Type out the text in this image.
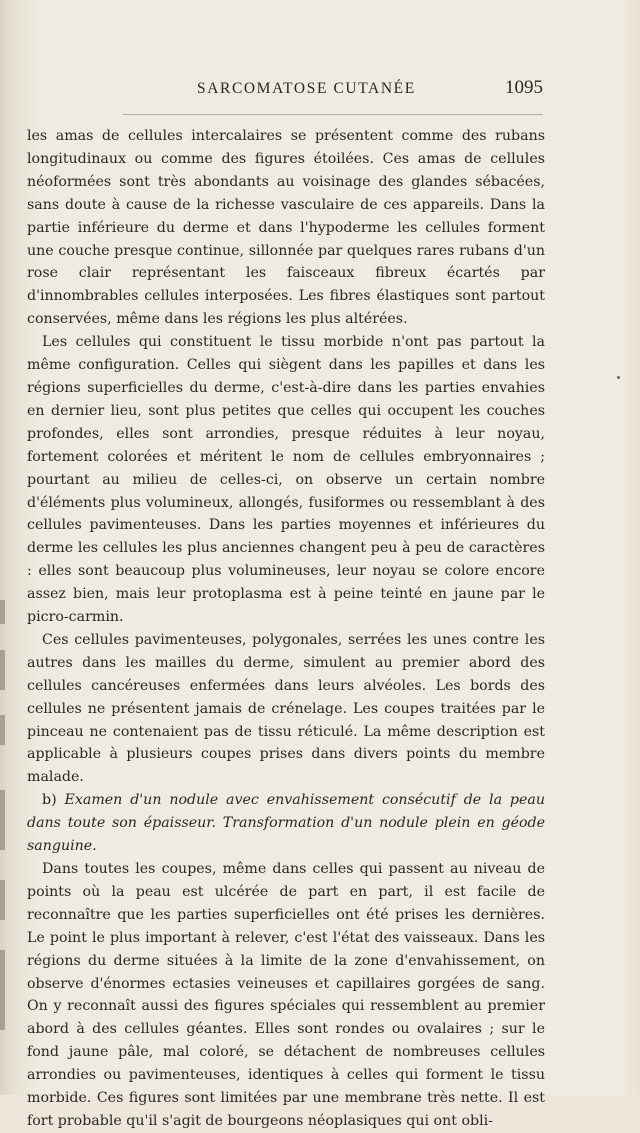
SARCOMATOSE CUTANÉE	1095

les amas de cellules intercalaires se présentent comme des rubans longitudinaux ou comme des figures étoilées. Ces amas de cellules néoformées sont très abondants au voisinage des glandes sébacées, sans doute à cause de la richesse vasculaire de ces appareils. Dans la partie inférieure du derme et dans l'hypoderme les cellules forment une couche presque continue, sillonnée par quelques rares rubans d'un rose clair représentant les faisceaux fibreux écartés par d'innombrables cellules interposées. Les fibres élastiques sont partout conservées, même dans les régions les plus altérées.

Les cellules qui constituent le tissu morbide n'ont pas partout la même configuration. Celles qui siègent dans les papilles et dans les régions superficielles du derme, c'est-à-dire dans les parties envahies en dernier lieu, sont plus petites que celles qui occupent les couches profondes, elles sont arrondies, presque réduites à leur noyau, fortement colorées et méritent le nom de cellules embryonnaires ; pourtant au milieu de celles-ci, on observe un certain nombre d'éléments plus volumineux, allongés, fusiformes ou ressemblant à des cellules pavimenteuses. Dans les parties moyennes et inférieures du derme les cellules les plus anciennes changent peu à peu de caractères : elles sont beaucoup plus volumineuses, leur noyau se colore encore assez bien, mais leur protoplasma est à peine teinté en jaune par le picro-carmin.

Ces cellules pavimenteuses, polygonales, serrées les unes contre les autres dans les mailles du derme, simulent au premier abord des cellules cancéreuses enfermées dans leurs alvéoles. Les bords des cellules ne présentent jamais de crénelage. Les coupes traitées par le pinceau ne contenaient pas de tissu réticulé. La même description est applicable à plusieurs coupes prises dans divers points du membre malade.

b) Examen d'un nodule avec envahissement consécutif de la peau dans toute son épaisseur. Transformation d'un nodule plein en géode sanguine.

Dans toutes les coupes, même dans celles qui passent au niveau de points où la peau est ulcérée de part en part, il est facile de reconnaître que les parties superficielles ont été prises les dernières. Le point le plus important à relever, c'est l'état des vaisseaux. Dans les régions du derme situées à la limite de la zone d'envahissement, on observe d'énormes ectasies veineuses et capillaires gorgées de sang. On y reconnaît aussi des figures spéciales qui ressemblent au premier abord à des cellules géantes. Elles sont rondes ou ovalaires ; sur le fond jaune pâle, mal coloré, se détachent de nombreuses cellules arrondies ou pavimenteuses, identiques à celles qui forment le tissu morbide. Ces figures sont limitées par une membrane très nette. Il est fort probable qu'il s'agit de bourgeons néoplasiques qui ont obli-
